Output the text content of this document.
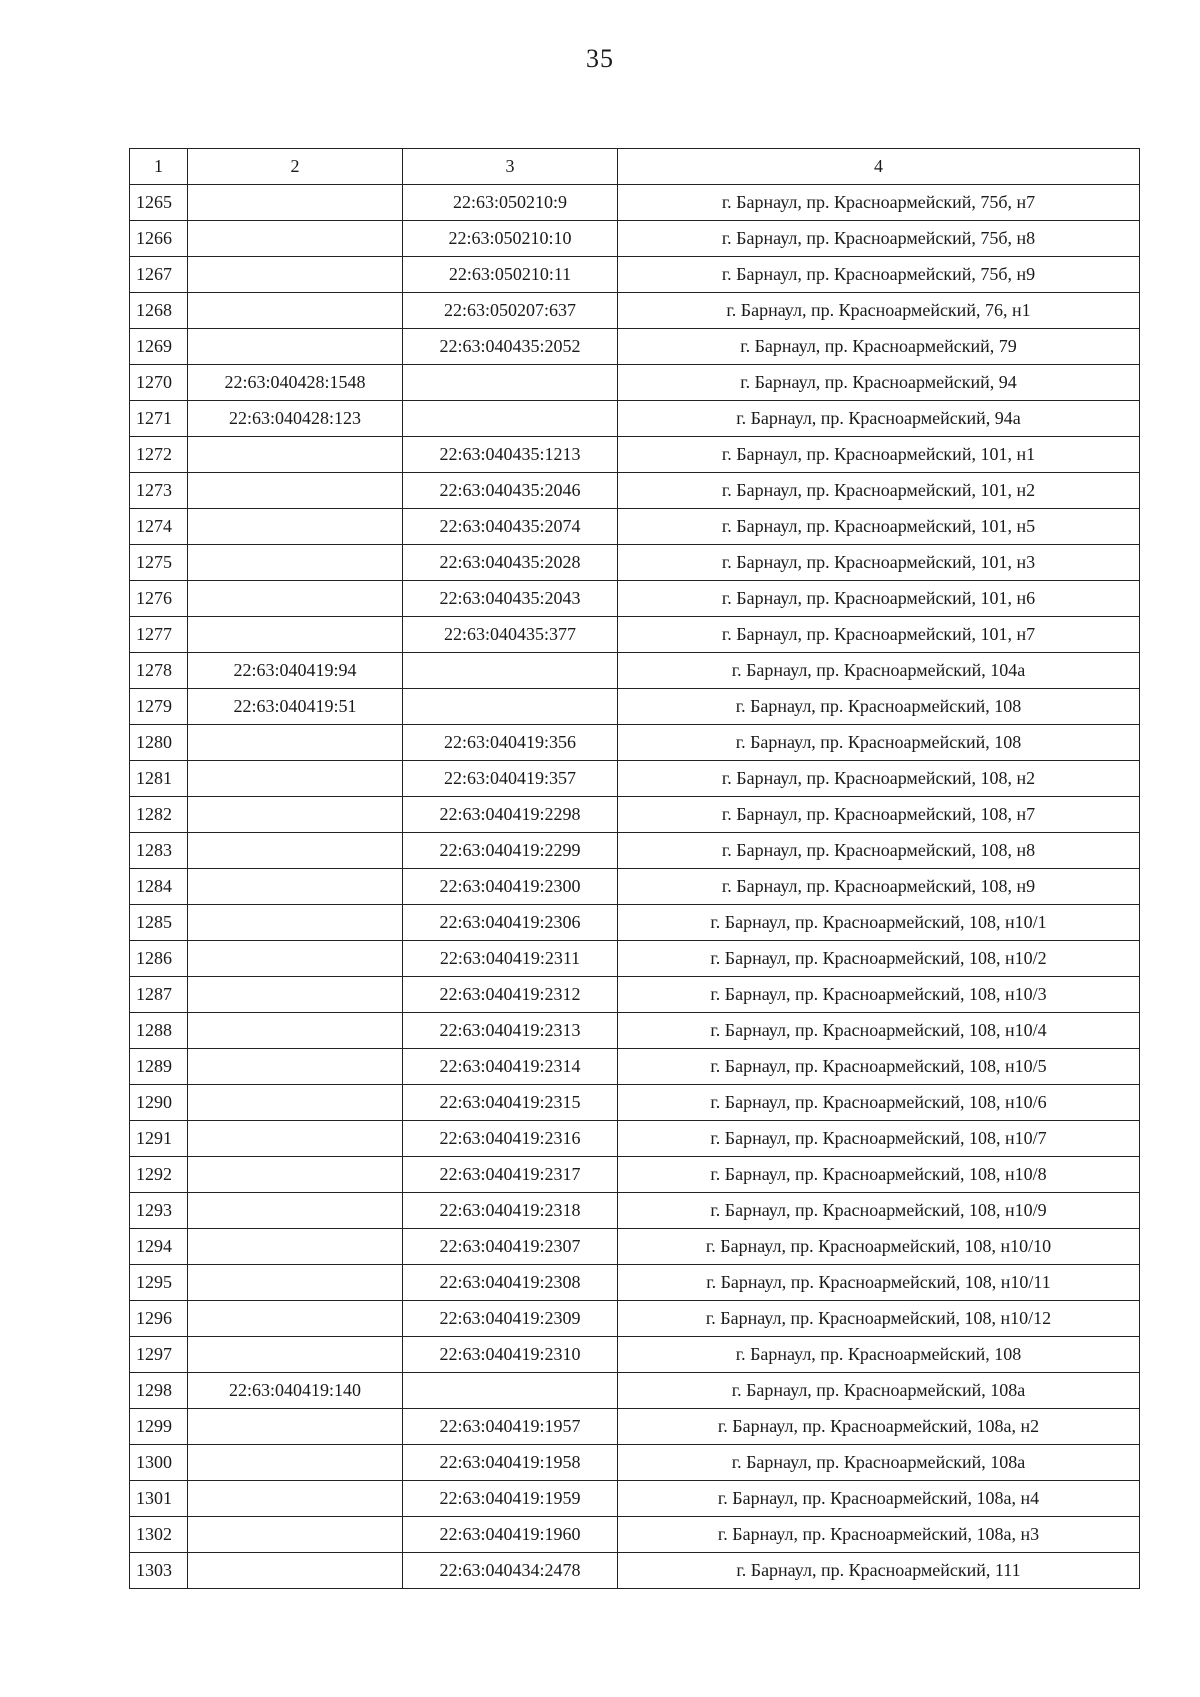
35
1	2	3	4
1265		22:63:050210:9	г. Барнаул, пр. Красноармейский, 75б, н7
1266		22:63:050210:10	г. Барнаул, пр. Красноармейский, 75б, н8
1267		22:63:050210:11	г. Барнаул, пр. Красноармейский, 75б, н9
1268		22:63:050207:637	г. Барнаул, пр. Красноармейский, 76, н1
1269		22:63:040435:2052	г. Барнаул, пр. Красноармейский, 79
1270	22:63:040428:1548		г. Барнаул, пр. Красноармейский, 94
1271	22:63:040428:123		г. Барнаул, пр. Красноармейский, 94а
1272		22:63:040435:1213	г. Барнаул, пр. Красноармейский, 101, н1
1273		22:63:040435:2046	г. Барнаул, пр. Красноармейский, 101, н2
1274		22:63:040435:2074	г. Барнаул, пр. Красноармейский, 101, н5
1275		22:63:040435:2028	г. Барнаул, пр. Красноармейский, 101, н3
1276		22:63:040435:2043	г. Барнаул, пр. Красноармейский, 101, н6
1277		22:63:040435:377	г. Барнаул, пр. Красноармейский, 101, н7
1278	22:63:040419:94		г. Барнаул, пр. Красноармейский, 104а
1279	22:63:040419:51		г. Барнаул, пр. Красноармейский, 108
1280		22:63:040419:356	г. Барнаул, пр. Красноармейский, 108
1281		22:63:040419:357	г. Барнаул, пр. Красноармейский, 108, н2
1282		22:63:040419:2298	г. Барнаул, пр. Красноармейский, 108, н7
1283		22:63:040419:2299	г. Барнаул, пр. Красноармейский, 108, н8
1284		22:63:040419:2300	г. Барнаул, пр. Красноармейский, 108, н9
1285		22:63:040419:2306	г. Барнаул, пр. Красноармейский, 108, н10/1
1286		22:63:040419:2311	г. Барнаул, пр. Красноармейский, 108, н10/2
1287		22:63:040419:2312	г. Барнаул, пр. Красноармейский, 108, н10/3
1288		22:63:040419:2313	г. Барнаул, пр. Красноармейский, 108, н10/4
1289		22:63:040419:2314	г. Барнаул, пр. Красноармейский, 108, н10/5
1290		22:63:040419:2315	г. Барнаул, пр. Красноармейский, 108, н10/6
1291		22:63:040419:2316	г. Барнаул, пр. Красноармейский, 108, н10/7
1292		22:63:040419:2317	г. Барнаул, пр. Красноармейский, 108, н10/8
1293		22:63:040419:2318	г. Барнаул, пр. Красноармейский, 108, н10/9
1294		22:63:040419:2307	г. Барнаул, пр. Красноармейский, 108, н10/10
1295		22:63:040419:2308	г. Барнаул, пр. Красноармейский, 108, н10/11
1296		22:63:040419:2309	г. Барнаул, пр. Красноармейский, 108, н10/12
1297		22:63:040419:2310	г. Барнаул, пр. Красноармейский, 108
1298	22:63:040419:140		г. Барнаул, пр. Красноармейский, 108а
1299		22:63:040419:1957	г. Барнаул, пр. Красноармейский, 108а, н2
1300		22:63:040419:1958	г. Барнаул, пр. Красноармейский, 108а
1301		22:63:040419:1959	г. Барнаул, пр. Красноармейский, 108а, н4
1302		22:63:040419:1960	г. Барнаул, пр. Красноармейский, 108а, н3
1303		22:63:040434:2478	г. Барнаул, пр. Красноармейский, 111
